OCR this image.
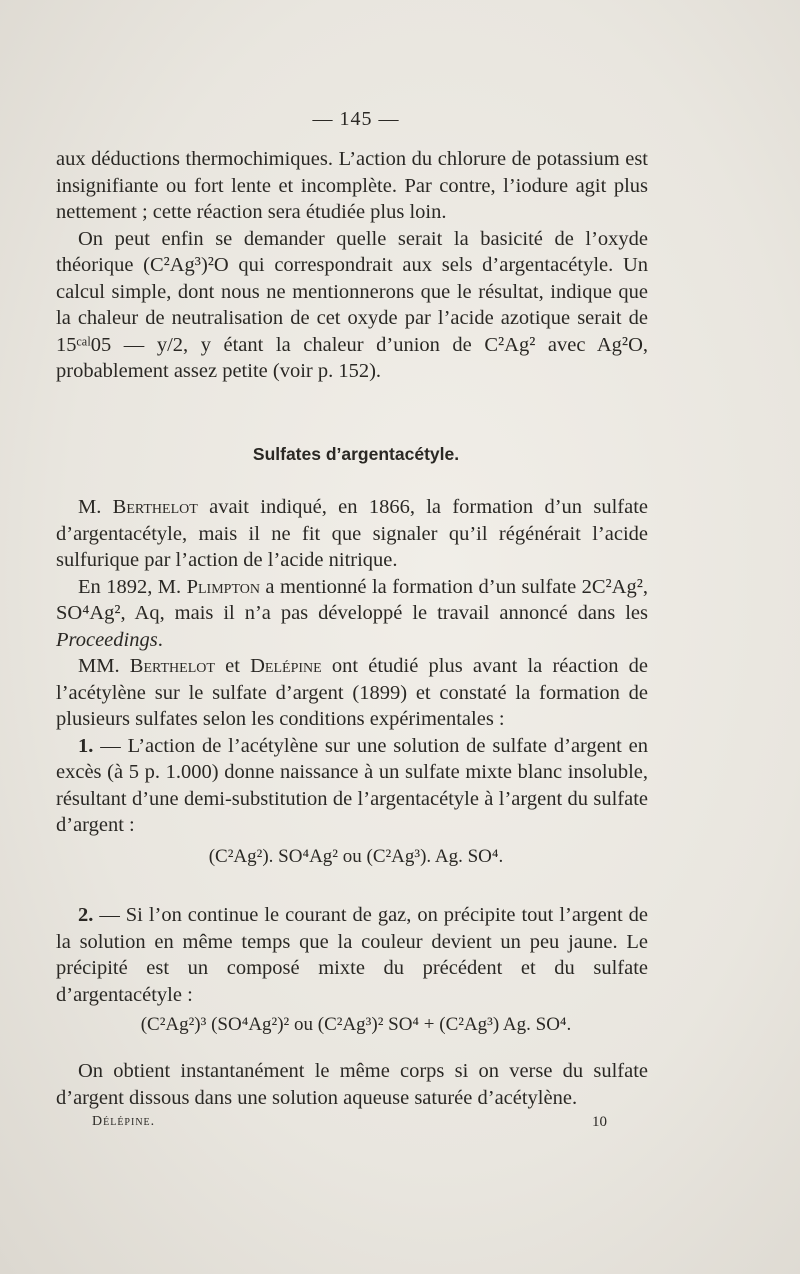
— 145 —

aux déductions thermochimiques. L’action du chlorure de potassium est insignifiante ou fort lente et incomplète. Par contre, l’iodure agit plus nettement ; cette réaction sera étudiée plus loin.

On peut enfin se demander quelle serait la basicité de l’oxyde théorique (C²Ag³)²O qui correspondrait aux sels d’argentacétyle. Un calcul simple, dont nous ne mentionnerons que le résultat, indique que la chaleur de neutralisation de cet oxyde par l’acide azotique serait de 15ᶜᵃˡ05 — y/2, y étant la chaleur d’union de C²Ag² avec Ag²O, probablement assez petite (voir p. 152).

Sulfates d’argentacétyle.

M. Berthelot avait indiqué, en 1866, la formation d’un sulfate d’argentacétyle, mais il ne fit que signaler qu’il régénérait l’acide sulfurique par l’action de l’acide nitrique.

En 1892, M. Plimpton a mentionné la formation d’un sulfate 2C²Ag², SO⁴Ag², Aq, mais il n’a pas développé le travail annoncé dans les Proceedings.

MM. Berthelot et Delépine ont étudié plus avant la réaction de l’acétylène sur le sulfate d’argent (1899) et constaté la formation de plusieurs sulfates selon les conditions expérimentales :

1. — L’action de l’acétylène sur une solution de sulfate d’argent en excès (à 5 p. 1.000) donne naissance à un sulfate mixte blanc insoluble, résultant d’une demi-substitution de l’argentacétyle à l’argent du sulfate d’argent :

(C²Ag²). SO⁴Ag² ou (C²Ag³). Ag. SO⁴.

2. — Si l’on continue le courant de gaz, on précipite tout l’argent de la solution en même temps que la couleur devient un peu jaune. Le précipité est un composé mixte du précédent et du sulfate d’argentacétyle :

(C²Ag²)³ (SO⁴Ag²)² ou (C²Ag³)² SO⁴ + (C²Ag³) Ag. SO⁴.

On obtient instantanément le même corps si on verse du sulfate d’argent dissous dans une solution aqueuse saturée d’acétylène.

Délépine.	10
